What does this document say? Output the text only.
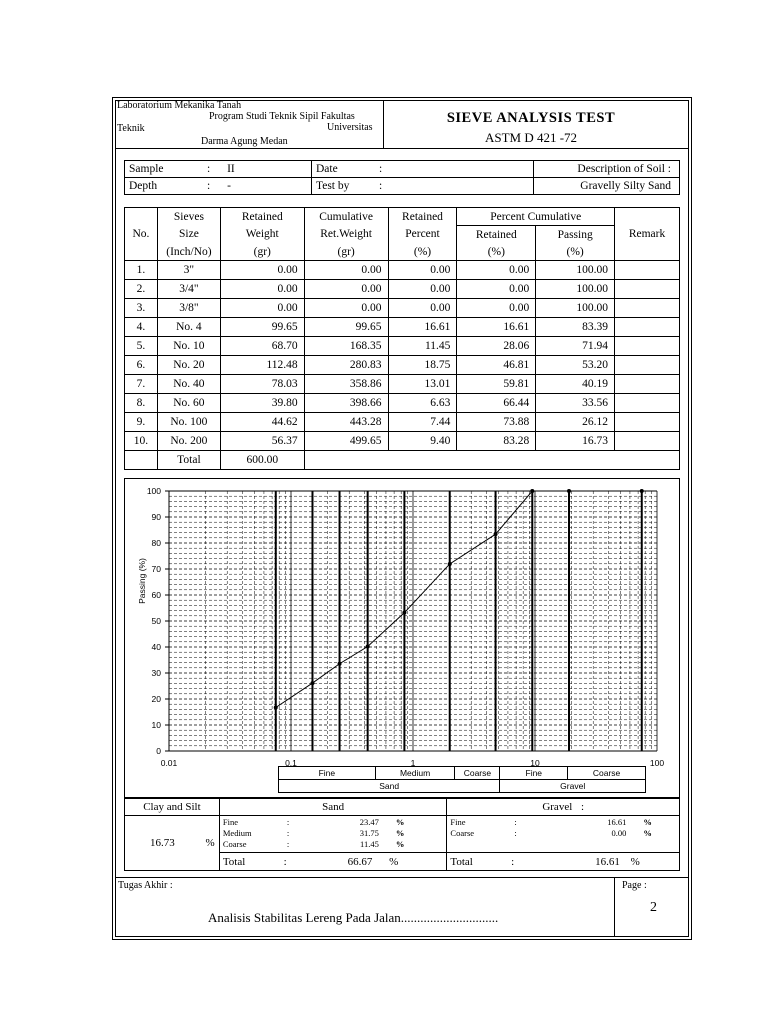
Laboratorium Mekanika Tanah
Program Studi Teknik Sipil Fakultas
Teknik	Universitas
Darma Agung Medan
SIEVE ANALYSIS TEST
ASTM D 421 -72
Sample	: II	Date	:	Description of Soil :
Depth	: -	Test by	:	Gravelly Silty Sand
No.	Sieves	Retained	Cumulative	Retained	Percent Cumulative		Remark
	Size	Weight	Ret.Weight	Percent	Retained	Passing	
	(Inch/No)	(gr)	(gr)	(%)	(%)	(%)	
1.	3"	0.00	0.00	0.00	0.00	100.00	
2.	3/4"	0.00	0.00	0.00	0.00	100.00	
3.	3/8"	0.00	0.00	0.00	0.00	100.00	
4.	No. 4	99.65	99.65	16.61	16.61	83.39	
5.	No. 10	68.70	168.35	11.45	28.06	71.94	
6.	No. 20	112.48	280.83	18.75	46.81	53.20	
7.	No. 40	78.03	358.86	13.01	59.81	40.19	
8.	No. 60	39.80	398.66	6.63	66.44	33.56	
9.	No. 100	44.62	443.28	7.44	73.88	26.12	
10.	No. 200	56.37	499.65	9.40	83.28	16.73	
	Total	600.00					
0
10
20
30
40
50
60
70
80
90
100
0.01	0.1	1	10	100
Passing (%)
Fine	Medium	Coarse	Fine	Coarse
Sand			Gravel	
Clay and Silt	Sand	Gravel :
16.73	%	
Fine	:	23.47	%
Medium	:	31.75	%
Coarse	:	11.45	%

Fine	:	16.61	%
Coarse	:	0.00	%

Total	:	66.67 %	Total	:	16.61 %
Tugas Akhir :
Analisis Stabilitas Lereng Pada Jalan..............................
Page :
2
